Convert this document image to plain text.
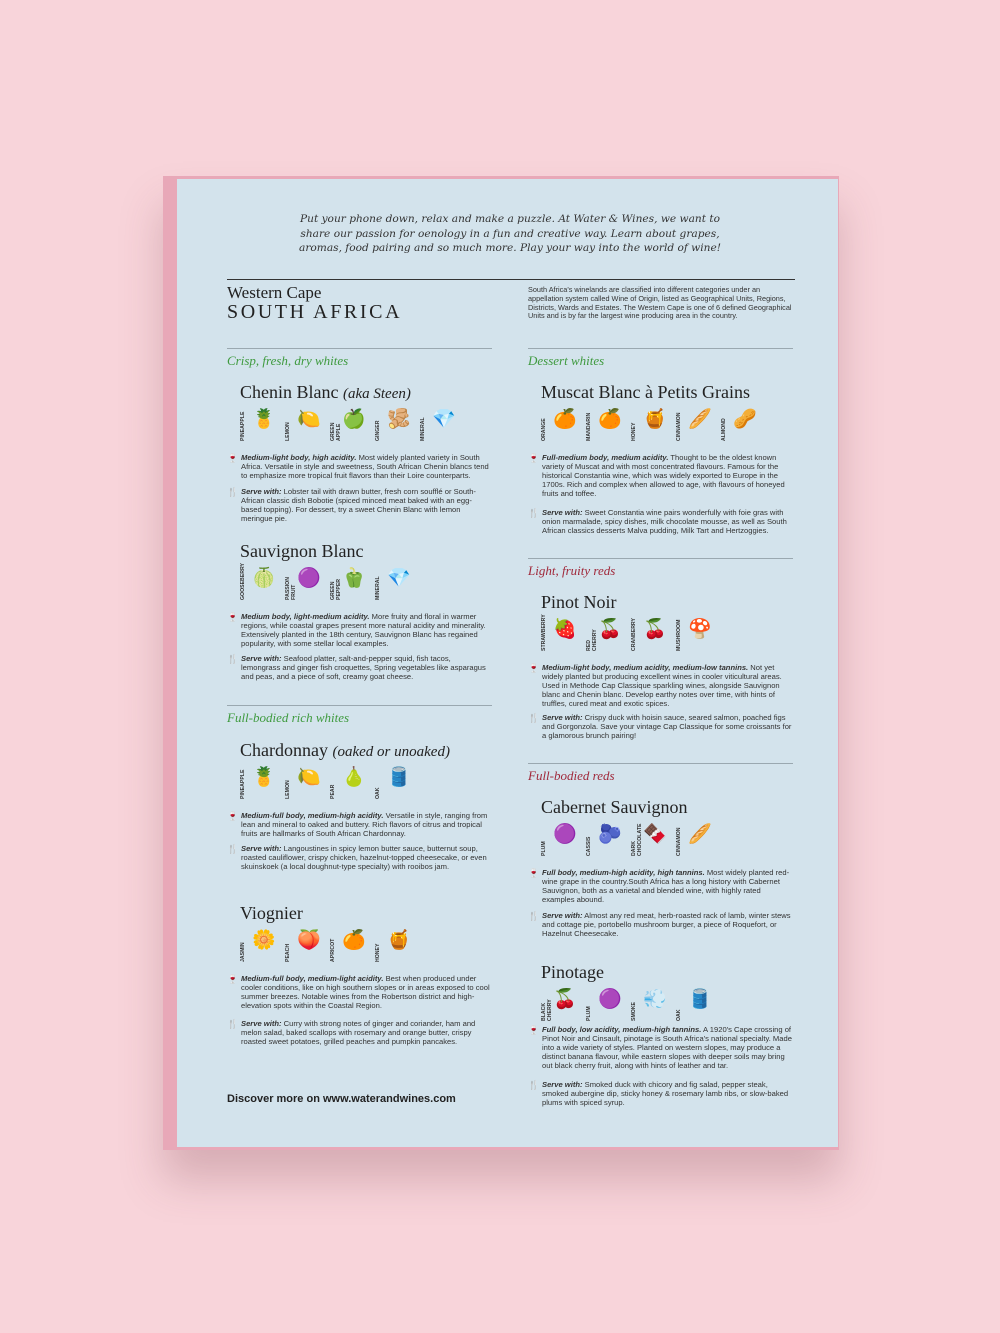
Put your phone down, relax and make a puzzle. At Water & Wines, we want to share our passion for oenology in a fun and creative way. Learn about grapes, aromas, food pairing and so much more. Play your way into the world of wine!

Western Cape

SOUTH AFRICA

South Africa's winelands are classified into different categories under an appellation system called Wine of Origin, listed as Geographical Units, Regions, Districts, Wards and Estates. The Western Cape is one of 6 defined Geographical Units and is by far the largest wine producing area in the country.

Crisp, fresh, dry whites
Chenin Blanc (aka Steen)
PINEAPPLE 🍍
LEMON
🍋
GREEN APPLE
🍏
GINGER
🫚 MINERAL 💎
🍷 Medium-light body, high acidity. Most widely planted variety in South Africa. Versatile in style and sweetness, South African Chenin blancs tend to emphasize more tropical fruit flavors than their Loire counterparts.
🍴 Serve with: Lobster tail with drawn butter, fresh corn soufflé or South-African classic dish Bobotie (spiced minced meat baked with an egg-based topping). For dessert, try a sweet Chenin Blanc with lemon meringue pie.
Sauvignon Blanc
GOOSEBERRY 🍈 PASSION FRUIT
🟣
GREEN PEPPER
🫑 MINERAL 💎
🍷 Medium body, light-medium acidity. More fruity and floral in warmer regions, while coastal grapes present more natural acidity and minerality. Extensively planted in the 18th century, Sauvignon Blanc has regained popularity, with some stellar local examples.
🍴 Serve with: Seafood platter, salt-and-pepper squid, fish tacos, lemongrass and ginger fish croquettes, Spring vegetables like asparagus and peas, and a piece of soft, creamy goat cheese.
Full-bodied rich whites
Chardonnay (oaked or unoaked)
PINEAPPLE 🍍
LEMON
🍋
PEAR
🍐
OAK
🛢️
🍷 Medium-full body, medium-high acidity. Versatile in style, ranging from lean and mineral to oaked and buttery. Rich flavors of citrus and tropical fruits are hallmarks of South African Chardonnay.
🍴 Serve with: Langoustines in spicy lemon butter sauce, butternut soup, roasted cauliflower, crispy chicken, hazelnut-topped cheesecake, or even skuinskoek (a local doughnut-type specialty) with rooibos jam.
Viognier
JASMIN
🌼
PEACH
🍑 APRICOT 🍊
HONEY
🍯
🍷 Medium-full body, medium-light acidity. Best when produced under cooler conditions, like on high southern slopes or in areas exposed to cool summer breezes. Notable wines from the Robertson district and high-elevation spots within the Coastal Region.
🍴 Serve with: Curry with strong notes of ginger and coriander, ham and melon salad, baked scallops with rosemary and orange butter, crispy roasted sweet potatoes, grilled peaches and pumpkin pancakes.
Dessert whites
Muscat Blanc à Petits Grains
ORANGE 🍊 MANDARIN 🍊
HONEY
🍯 CINNAMON 🥖 ALMOND 🥜
🍷 Full-medium body, medium acidity. Thought to be the oldest known variety of Muscat and with most concentrated flavours. Famous for the historical Constantia wine, which was widely exported to Europe in the 1700s. Rich and complex when allowed to age, with flavours of honeyed fruits and toffee.
🍴 Serve with: Sweet Constantia wine pairs wonderfully with foie gras with onion marmalade, spicy dishes, milk chocolate mousse, as well as South African classics desserts Malva pudding, Milk Tart and Hertzoggies.
Light, fruity reds
Pinot Noir
STRAWBERRY 🍓
RED CHERRY 🍒 CRANBERRY 🍒 MUSHROOM 🍄
🍷 Medium-light body, medium acidity, medium-low tannins. Not yet widely planted but producing excellent wines in cooler viticultural areas. Used in Methode Cap Classique sparkling wines, alongside Sauvignon blanc and Chenin blanc. Develop earthy notes over time, with hints of truffles, cured meat and exotic spices.
🍴 Serve with: Crispy duck with hoisin sauce, seared salmon, poached figs and Gorgonzola. Save your vintage Cap Classique for some croissants for a glamorous brunch pairing!
Full-bodied reds
Cabernet Sauvignon
PLUM
🟣
CASSIS
🫐
DARK CHOCOLATE 🍫 CINNAMON 🥖
🍷 Full body, medium-high acidity, high tannins. Most widely planted red-wine grape in the country.South Africa has a long history with Cabernet Sauvignon, both as a varietal and blended wine, with highly rated examples abound.
🍴 Serve with: Almost any red meat, herb-roasted rack of lamb, winter stews and cottage pie, portobello mushroom burger, a piece of Roquefort, or Hazelnut Cheesecake.
Pinotage
BLACK CHERRY 🍒
PLUM
🟣
SMOKE
💨
OAK
🛢️
🍷 Full body, low acidity, medium-high tannins. A 1920's Cape crossing of Pinot Noir and Cinsault, pinotage is South Africa's national specialty. Made into a wide variety of styles. Planted on western slopes, may produce a distinct banana flavour, while eastern slopes with deeper soils may bring out black cherry fruit, along with hints of leather and tar.
🍴 Serve with: Smoked duck with chicory and fig salad, pepper steak, smoked aubergine dip, sticky honey & rosemary lamb ribs, or slow-baked plums with spiced syrup.

Discover more on www.waterandwines.com
